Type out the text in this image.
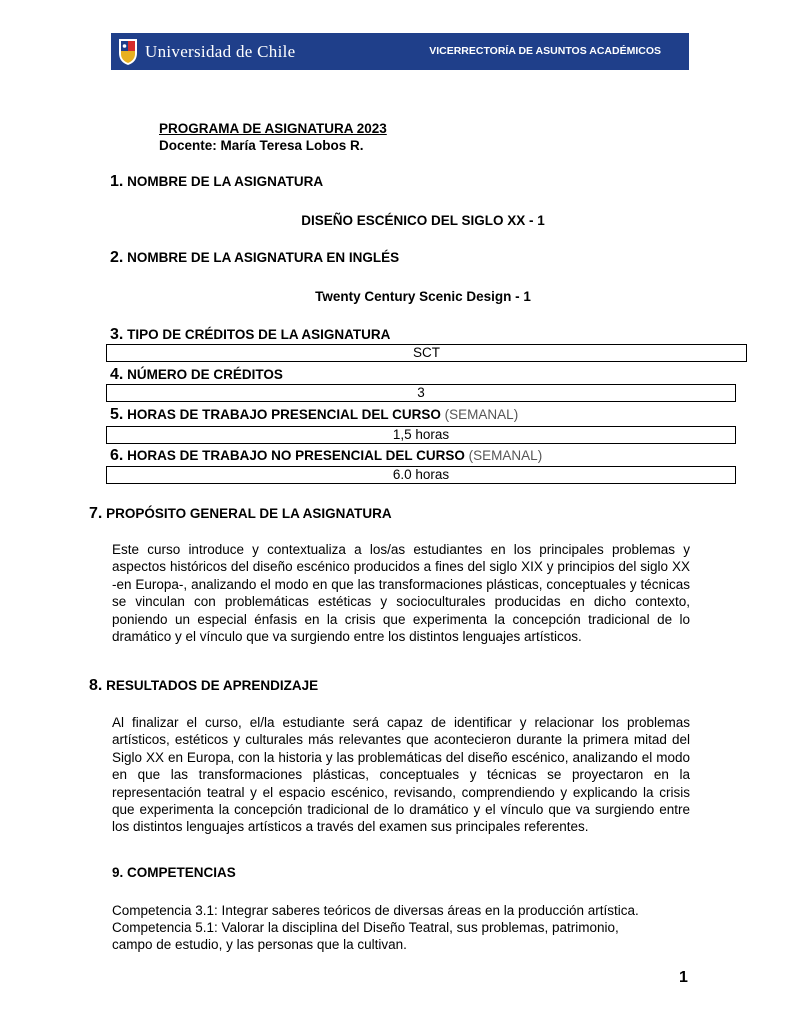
Universidad de Chile	VICERRECTORÍA DE ASUNTOS ACADÉMICOS
PROGRAMA DE ASIGNATURA 2023
Docente: María Teresa Lobos R.
1. NOMBRE DE LA ASIGNATURA
DISEÑO ESCÉNICO DEL SIGLO XX - 1
2. NOMBRE DE LA ASIGNATURA EN INGLÉS
Twenty Century Scenic Design - 1
3. TIPO DE CRÉDITOS DE LA ASIGNATURA
SCT
4. NÚMERO DE CRÉDITOS
3
5. HORAS DE TRABAJO PRESENCIAL DEL CURSO (SEMANAL)
1,5 horas
6. HORAS DE TRABAJO NO PRESENCIAL DEL CURSO (SEMANAL)
6.0 horas
7. PROPÓSITO GENERAL DE LA ASIGNATURA
Este curso introduce y contextualiza a los/as estudiantes en los principales problemas y aspectos históricos del diseño escénico producidos a fines del siglo XIX y principios del siglo XX -en Europa-, analizando el modo en que las transformaciones plásticas, conceptuales y técnicas se vinculan con problemáticas estéticas y socioculturales producidas en dicho contexto, poniendo un especial énfasis en la crisis que experimenta la concepción tradicional de lo dramático y el vínculo que va surgiendo entre los distintos lenguajes artísticos.
8. RESULTADOS DE APRENDIZAJE
Al finalizar el curso, el/la estudiante será capaz de identificar y relacionar los problemas artísticos, estéticos y culturales más relevantes que acontecieron durante la primera mitad del Siglo XX en Europa, con la historia y las problemáticas del diseño escénico, analizando el modo en que las transformaciones plásticas, conceptuales y técnicas se proyectaron en la representación teatral y el espacio escénico, revisando, comprendiendo y explicando la crisis que experimenta la concepción tradicional de lo dramático y el vínculo que va surgiendo entre los distintos lenguajes artísticos a través del examen sus principales referentes.
9. COMPETENCIAS
Competencia 3.1: Integrar saberes teóricos de diversas áreas en la producción artística.
Competencia 5.1: Valorar la disciplina del Diseño Teatral, sus problemas, patrimonio,
campo de estudio, y las personas que la cultivan.
1
